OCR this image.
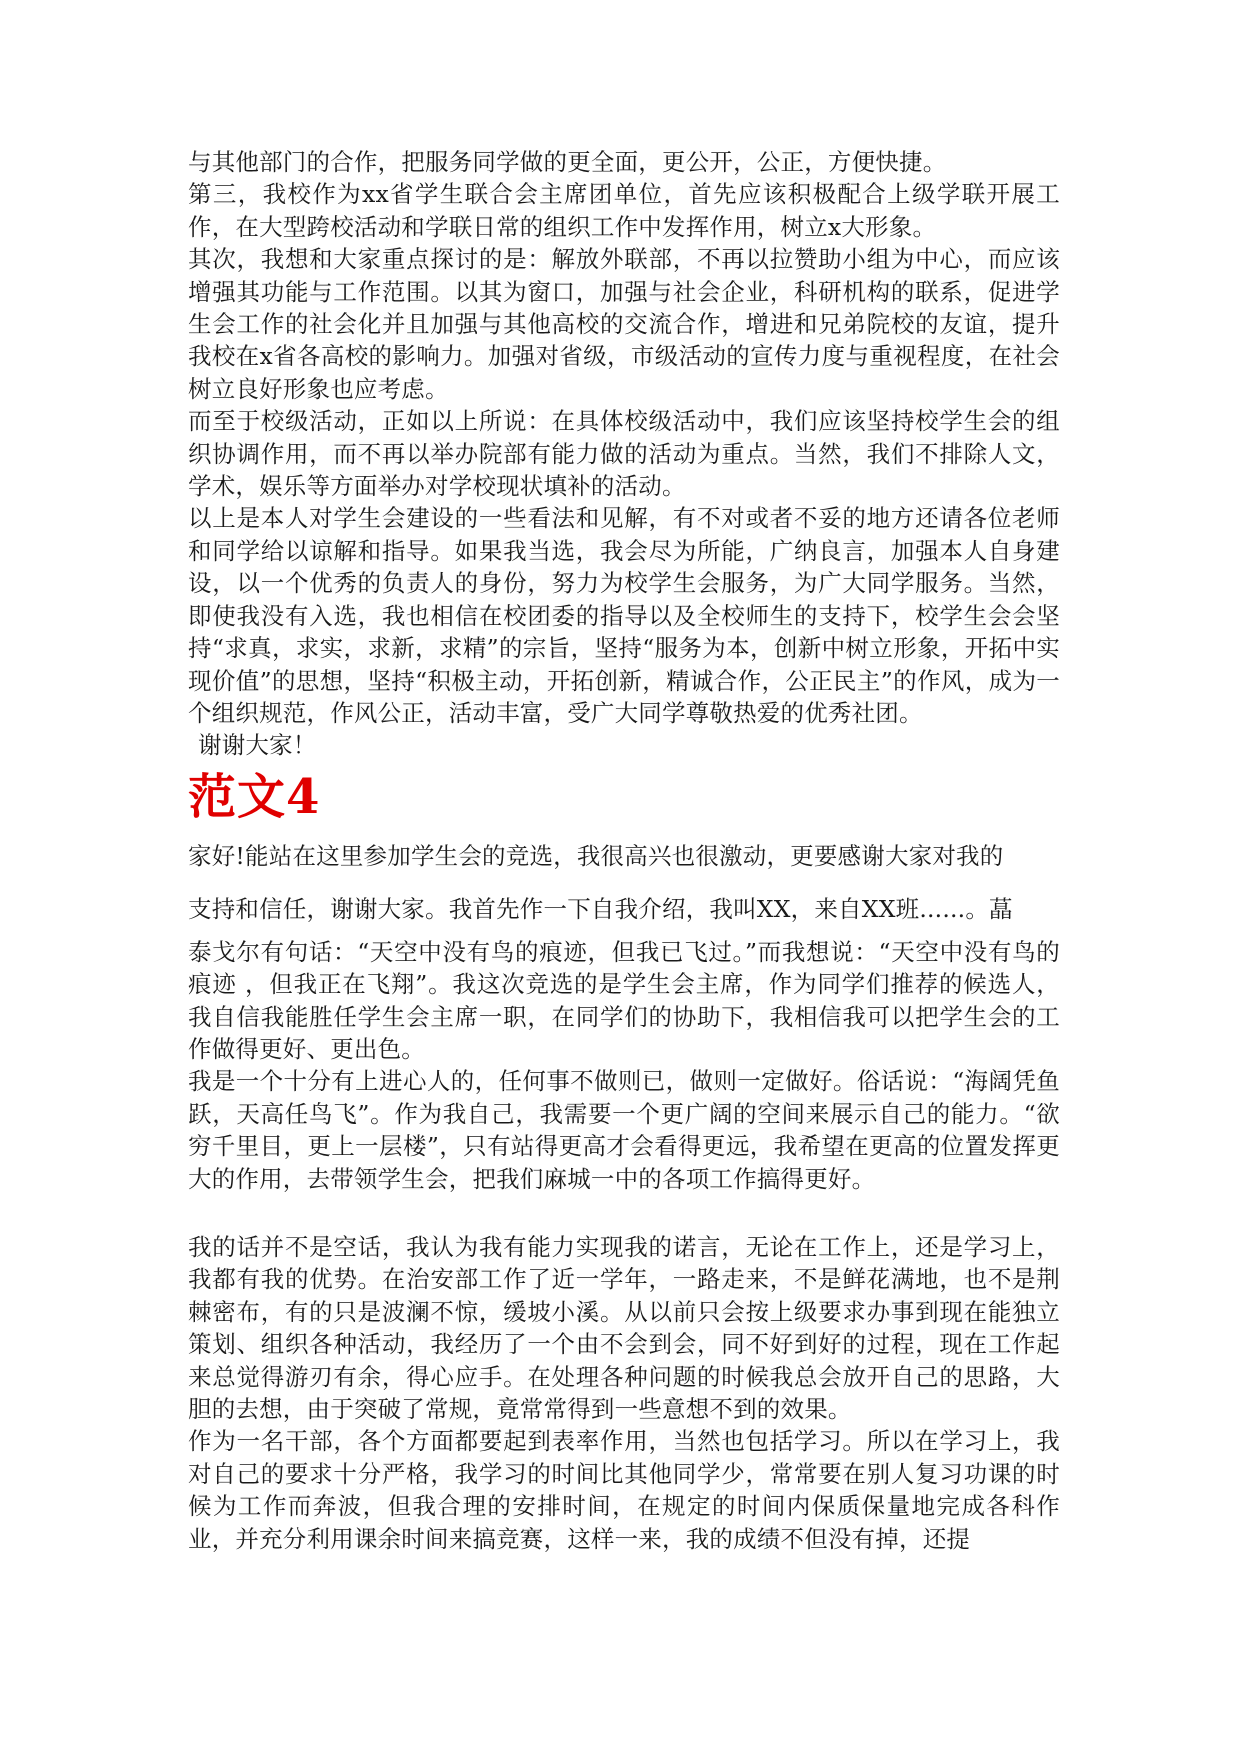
与其他部门的合作，把服务同学做的更全面，更公开，公正，方便快捷。

第三，我校作为xx省学生联合会主席团单位，首先应该积极配合上级学联开展工作，在大型跨校活动和学联日常的组织工作中发挥作用，树立x大形象。

其次，我想和大家重点探讨的是：解放外联部，不再以拉赞助小组为中心，而应该增强其功能与工作范围。以其为窗口，加强与社会企业，科研机构的联系，促进学生会工作的社会化并且加强与其他高校的交流合作，增进和兄弟院校的友谊，提升我校在x省各高校的影响力。加强对省级，市级活动的宣传力度与重视程度，在社会树立良好形象也应考虑。

而至于校级活动，正如以上所说：在具体校级活动中，我们应该坚持校学生会的组织协调作用，而不再以举办院部有能力做的活动为重点。当然，我们不排除人文，学术，娱乐等方面举办对学校现状填补的活动。

以上是本人对学生会建设的一些看法和见解，有不对或者不妥的地方还请各位老师和同学给以谅解和指导。如果我当选，我会尽为所能，广纳良言，加强本人自身建设，以一个优秀的负责人的身份，努力为校学生会服务，为广大同学服务。当然，即使我没有入选，我也相信在校团委的指导以及全校师生的支持下，校学生会会坚持“求真，求实，求新，求精”的宗旨，坚持“服务为本，创新中树立形象，开拓中实现价值”的思想，坚持“积极主动，开拓创新，精诚合作，公正民主”的作风，成为一个组织规范，作风公正，活动丰富，受广大同学尊敬热爱的优秀社团。

谢谢大家！

范文4

家好!能站在这里参加学生会的竞选，我很高兴也很激动，更要感谢大家对我的

支持和信任，谢谢大家。我首先作一下自我介绍，我叫XX，来自XX班......。蕌

泰戈尔有句话：“天空中没有鸟的痕迹，但我已飞过。”而我想说：“天空中没有鸟的痕迹 ，但我正在飞翔”。我这次竞选的是学生会主席，作为同学们推荐的候选人，我自信我能胜任学生会主席一职，在同学们的协助下，我相信我可以把学生会的工作做得更好、更出色。

我是一个十分有上进心人的，任何事不做则已，做则一定做好。俗话说：“海阔凭鱼跃，天高任鸟飞”。作为我自己，我需要一个更广阔的空间来展示自己的能力。“欲穷千里目，更上一层楼”，只有站得更高才会看得更远，我希望在更高的位置发挥更大的作用，去带领学生会，把我们麻城一中的各项工作搞得更好。

我的话并不是空话，我认为我有能力实现我的诺言，无论在工作上，还是学习上，我都有我的优势。在治安部工作了近一学年，一路走来，不是鲜花满地，也不是荆棘密布，有的只是波澜不惊，缓坡小溪。从以前只会按上级要求办事到现在能独立策划、组织各种活动，我经历了一个由不会到会，同不好到好的过程，现在工作起来总觉得游刃有余，得心应手。在处理各种问题的时候我总会放开自己的思路，大胆的去想，由于突破了常规，竟常常得到一些意想不到的效果。

作为一名干部，各个方面都要起到表率作用，当然也包括学习。所以在学习上，我对自己的要求十分严格，我学习的时间比其他同学少，常常要在别人复习功课的时候为工作而奔波，但我合理的安排时间，在规定的时间内保质保量地完成各科作业，并充分利用课余时间来搞竞赛，这样一来，我的成绩不但没有掉，还提
